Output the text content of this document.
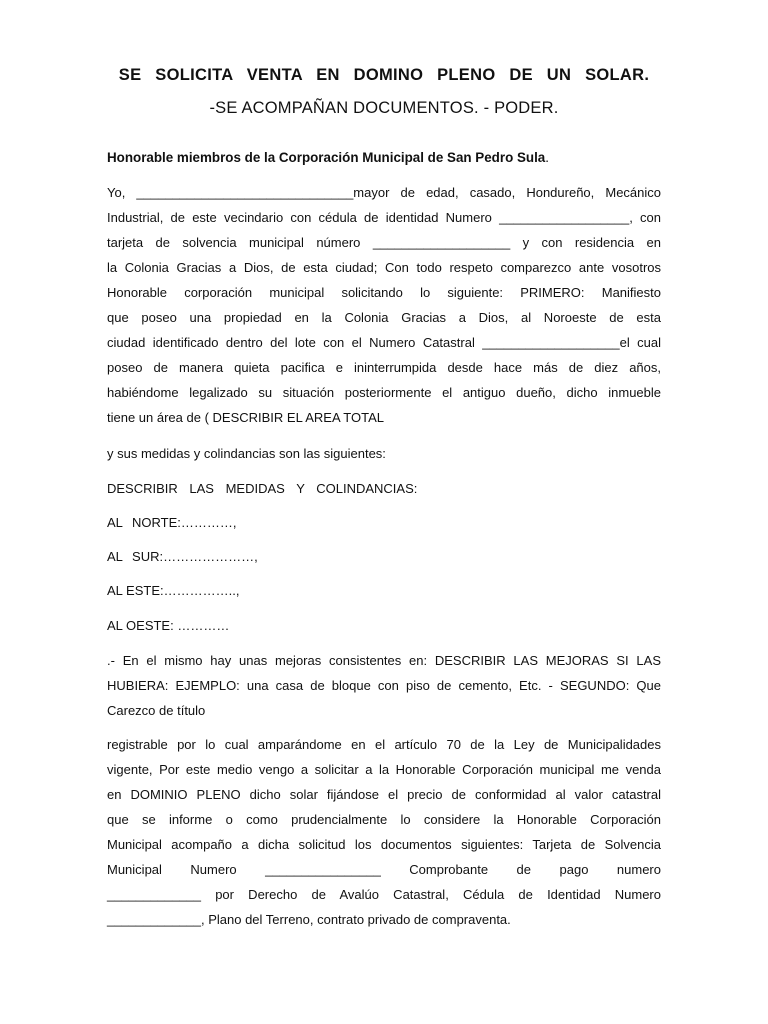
SE SOLICITA VENTA EN DOMINO PLENO DE UN SOLAR.
-SE ACOMPAÑAN DOCUMENTOS. - PODER.
Honorable miembros de la Corporación Municipal de San Pedro Sula.
Yo, ______________________________mayor de edad, casado, Hondureño, Mecánico
Industrial, de este vecindario con cédula de identidad Numero __________________, con
tarjeta de solvencia municipal número ___________________ y con residencia en
la Colonia Gracias a Dios, de esta ciudad; Con todo respeto comparezco ante vosotros
Honorable corporación municipal solicitando lo siguiente: PRIMERO: Manifiesto
que poseo una propiedad en la Colonia Gracias a Dios, al Noroeste de esta
ciudad identificado dentro del lote con el Numero Catastral ___________________el cual
poseo de manera quieta pacifica e ininterrumpida desde hace más de diez años,
habiéndome legalizado su situación posteriormente el antiguo dueño, dicho inmueble
tiene un área de ( DESCRIBIR EL AREA TOTAL
y sus medidas y colindancias son las siguientes:
DESCRIBIR LAS MEDIDAS Y COLINDANCIAS:
AL NORTE:…………,
AL SUR:…………………,
AL ESTE:……………..,
AL OESTE: …………
.- En el mismo hay unas mejoras consistentes en: DESCRIBIR LAS MEJORAS SI LAS
HUBIERA: EJEMPLO: una casa de bloque con piso de cemento, Etc. - SEGUNDO: Que
Carezco de título
registrable por lo cual amparándome en el artículo 70 de la Ley de Municipalidades
vigente, Por este medio vengo a solicitar a la Honorable Corporación municipal me venda
en DOMINIO PLENO dicho solar fijándose el precio de conformidad al valor catastral
que se informe o como prudencialmente lo considere la Honorable Corporación
Municipal acompaño a dicha solicitud los documentos siguientes: Tarjeta de Solvencia
Municipal Numero ________________ Comprobante de pago numero
_____________ por Derecho de Avalúo Catastral, Cédula de Identidad Numero
_____________, Plano del Terreno, contrato privado de compraventa.
